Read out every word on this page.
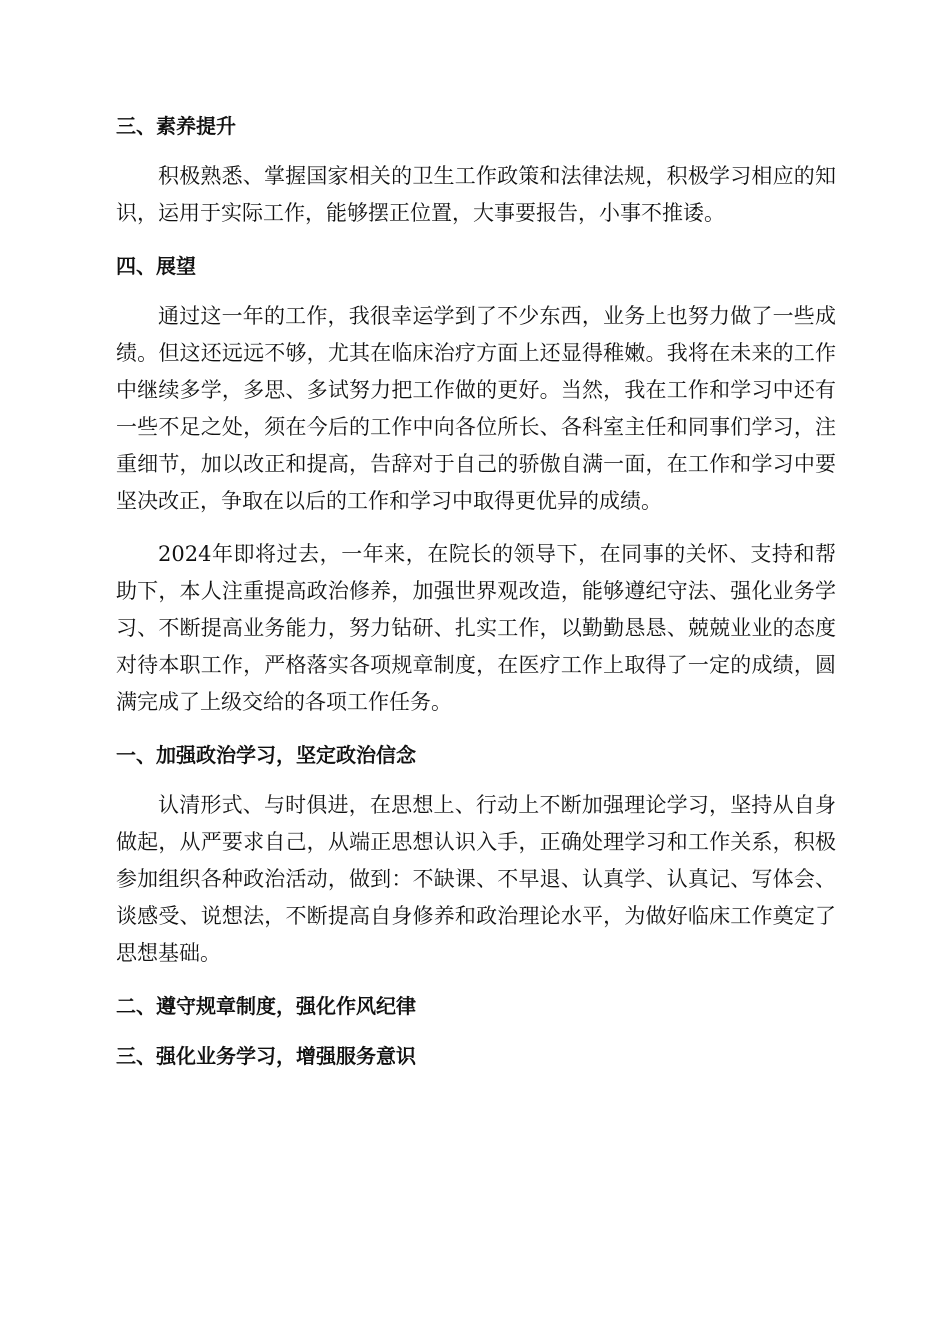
三、素养提升

积极熟悉、掌握国家相关的卫生工作政策和法律法规，积极学习相应的知识，运用于实际工作，能够摆正位置，大事要报告，小事不推诿。

四、展望

通过这一年的工作，我很幸运学到了不少东西，业务上也努力做了一些成绩。但这还远远不够，尤其在临床治疗方面上还显得稚嫩。我将在未来的工作中继续多学，多思、多试努力把工作做的更好。当然，我在工作和学习中还有一些不足之处，须在今后的工作中向各位所长、各科室主任和同事们学习，注重细节，加以改正和提高，告辞对于自己的骄傲自满一面，在工作和学习中要坚决改正，争取在以后的工作和学习中取得更优异的成绩。

2024年即将过去，一年来，在院长的领导下，在同事的关怀、支持和帮助下，本人注重提高政治修养，加强世界观改造，能够遵纪守法、强化业务学习、不断提高业务能力，努力钻研、扎实工作，以勤勤恳恳、兢兢业业的态度对待本职工作，严格落实各项规章制度，在医疗工作上取得了一定的成绩，圆满完成了上级交给的各项工作任务。

一、加强政治学习，坚定政治信念

认清形式、与时俱进，在思想上、行动上不断加强理论学习，坚持从自身做起，从严要求自己，从端正思想认识入手，正确处理学习和工作关系，积极参加组织各种政治活动，做到：不缺课、不早退、认真学、认真记、写体会、谈感受、说想法，不断提高自身修养和政治理论水平，为做好临床工作奠定了思想基础。

二、遵守规章制度，强化作风纪律
三、强化业务学习，增强服务意识
